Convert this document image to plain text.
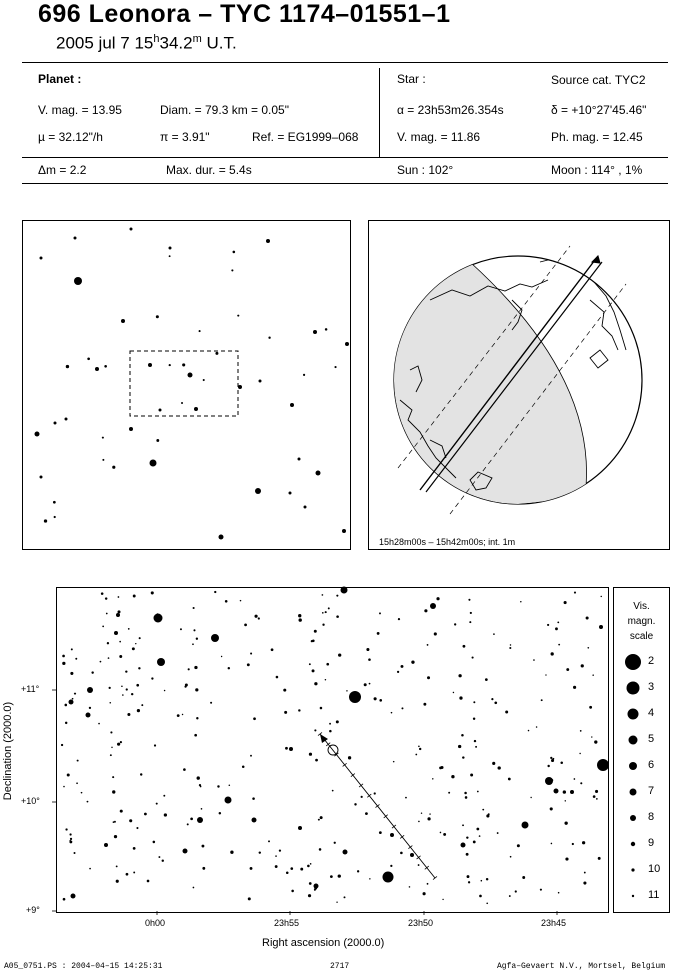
696 Leonora – TYC 1174–01551–1
2005 jul 7 15$^h$34.2$^m$ U.T.
Planet :
V. mag. = 13.95	Diam. = 79.3 km = 0.05"
µ = 32.12"/h	π = 3.91"	Ref. = EG1999–068
Star :	Source cat. TYC2
α = 23h53m26.354s	δ = +10°27'45.46"
V. mag. = 11.86	Ph. mag. = 12.45
Δm = 2.2	Max. dur. = 5.4s	Sun : 102°	Moon : 114° , 1%
15h28m00s – 15h42m00s; int. 1m
+11°
+10°
+9°
0h00	23h55	23h50	23h45
Right ascension (2000.0)
Declination (2000.0)
Vis.
magn.
scale
2
3
4
5
6
7
8
9
10
11
A05_0751.PS : 2004–04–15 14:25:31	2717	Agfa–Gevaert N.V., Mortsel, Belgium
